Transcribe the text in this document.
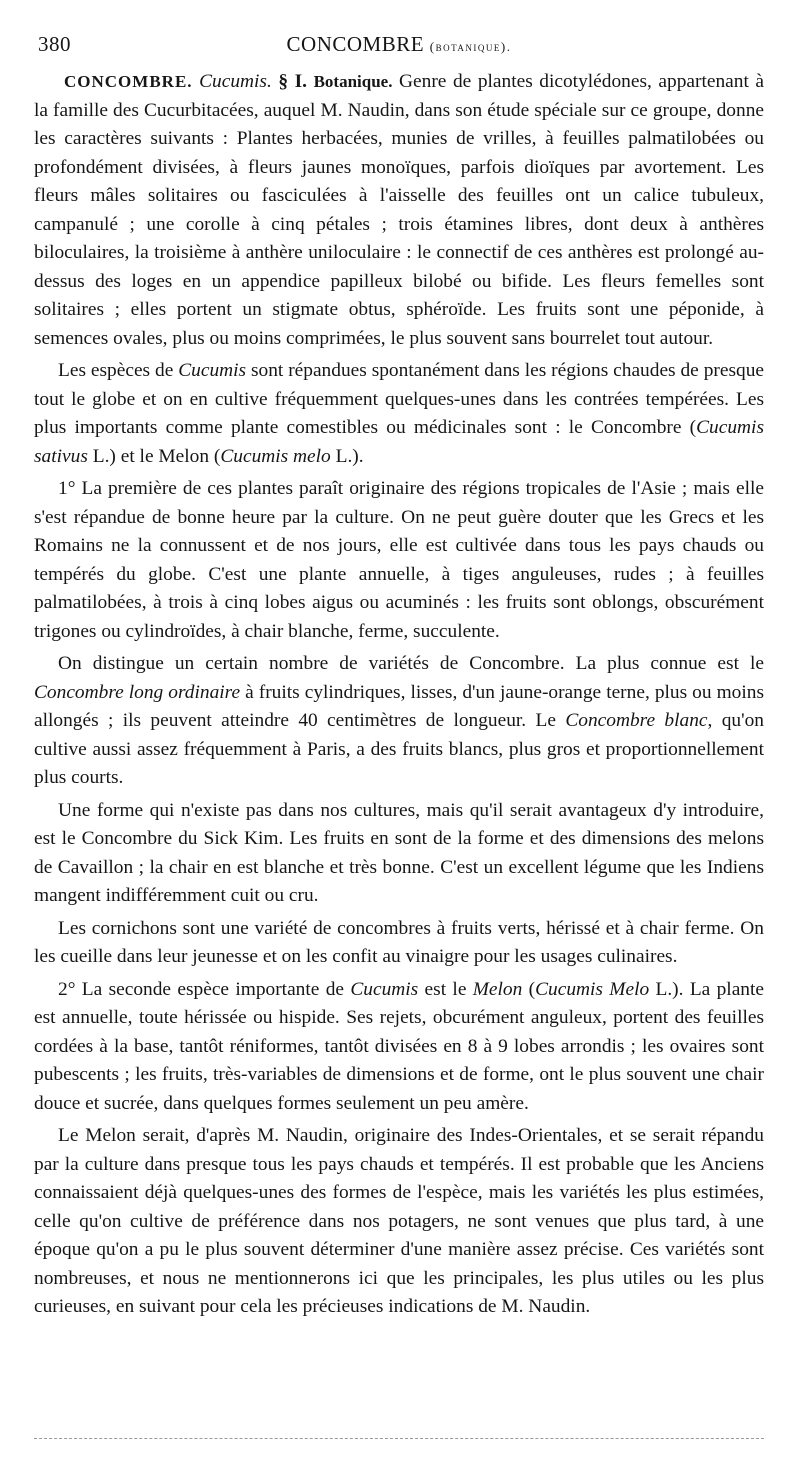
380	CONCOMBRE (botanique).

CONCOMBRE. Cucumis. § I. Botanique. Genre de plantes dicotylédones, appartenant à la famille des Cucurbitacées, auquel M. Naudin, dans son étude spéciale sur ce groupe, donne les caractères suivants : Plantes herbacées, munies de vrilles, à feuilles palmatilobées ou profondément divisées, à fleurs jaunes monoïques, parfois dioïques par avortement. Les fleurs mâles solitaires ou fasciculées à l'aisselle des feuilles ont un calice tubuleux, campanulé ; une corolle à cinq pétales ; trois étamines libres, dont deux à anthères biloculaires, la troisième à anthère uniloculaire : le connectif de ces anthères est prolongé au-dessus des loges en un appendice papilleux bilobé ou bifide. Les fleurs femelles sont solitaires ; elles portent un stigmate obtus, sphéroïde. Les fruits sont une péponide, à semences ovales, plus ou moins comprimées, le plus souvent sans bourrelet tout autour.

Les espèces de Cucumis sont répandues spontanément dans les régions chaudes de presque tout le globe et on en cultive fréquemment quelques-unes dans les contrées tempérées. Les plus importants comme plante comestibles ou médicinales sont : le Concombre (Cucumis sativus L.) et le Melon (Cucumis melo L.).

1° La première de ces plantes paraît originaire des régions tropicales de l'Asie ; mais elle s'est répandue de bonne heure par la culture. On ne peut guère douter que les Grecs et les Romains ne la connussent et de nos jours, elle est cultivée dans tous les pays chauds ou tempérés du globe. C'est une plante annuelle, à tiges anguleuses, rudes ; à feuilles palmatilobées, à trois à cinq lobes aigus ou acuminés : les fruits sont oblongs, obscurément trigones ou cylindroïdes, à chair blanche, ferme, succulente.

On distingue un certain nombre de variétés de Concombre. La plus connue est le Concombre long ordinaire à fruits cylindriques, lisses, d'un jaune-orange terne, plus ou moins allongés ; ils peuvent atteindre 40 centimètres de longueur. Le Concombre blanc, qu'on cultive aussi assez fréquemment à Paris, a des fruits blancs, plus gros et proportionnellement plus courts.

Une forme qui n'existe pas dans nos cultures, mais qu'il serait avantageux d'y introduire, est le Concombre du Sick Kim. Les fruits en sont de la forme et des dimensions des melons de Cavaillon ; la chair en est blanche et très bonne. C'est un excellent légume que les Indiens mangent indifféremment cuit ou cru.

Les cornichons sont une variété de concombres à fruits verts, hérissé et à chair ferme. On les cueille dans leur jeunesse et on les confit au vinaigre pour les usages culinaires.

2° La seconde espèce importante de Cucumis est le Melon (Cucumis Melo L.). La plante est annuelle, toute hérissée ou hispide. Ses rejets, obcurément anguleux, portent des feuilles cordées à la base, tantôt réniformes, tantôt divisées en 8 à 9 lobes arrondis ; les ovaires sont pubescents ; les fruits, très-variables de dimensions et de forme, ont le plus souvent une chair douce et sucrée, dans quelques formes seulement un peu amère.

Le Melon serait, d'après M. Naudin, originaire des Indes-Orientales, et se serait répandu par la culture dans presque tous les pays chauds et tempérés. Il est probable que les Anciens connaissaient déjà quelques-unes des formes de l'espèce, mais les variétés les plus estimées, celle qu'on cultive de préférence dans nos potagers, ne sont venues que plus tard, à une époque qu'on a pu le plus souvent déterminer d'une manière assez précise. Ces variétés sont nombreuses, et nous ne mentionnerons ici que les principales, les plus utiles ou les plus curieuses, en suivant pour cela les précieuses indications de M. Naudin.
